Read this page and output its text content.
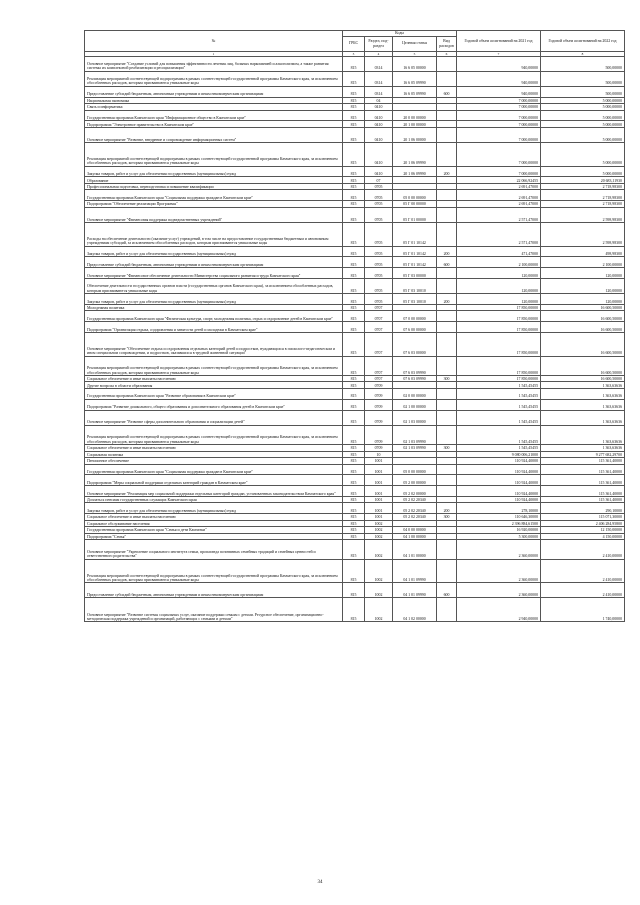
№	Коды				Годовой объем ассигнований на 2021 год	Годовой объем ассигнований на 2022 год
	ГРБС	Раздел, под-раздел	Целевая статья	Вид расходов		
1	3	4	5	6	7	8
Основное мероприятие "Создание условий для повышения эффективности лечения лиц, больных наркоманией и алкоголизмом, а также развития системы их комплексной реабилитации и ресоциализации"	815	0314	16 6 05 00000		940,00000	500,00000
Реализация мероприятий соответствующей подпрограммы в рамках соответствующей государственной программы Камчатского края, за исключением обособленных расходов, которым присваиваются уникальные коды	815	0314	16 6 05 09990		940,00000	500,00000
Предоставление субсидий бюджетным, автономным учреждениям и иным некоммерческим организациям	815	0314	16 6 05 09990	600	940,00000	500,00000
Национальная экономика	815	04			7 000,00000	5 000,00000
Связь и информатика	815	0410			7 000,00000	5 000,00000
Государственная программа Камчатского края "Информационное общество в Камчатском крае"	815	0410	20 0 00 00000		7 000,00000	5 000,00000
Подпрограмма "Электронное правительство в Камчатском крае"	815	0410	20 1 00 00000		7 000,00000	5 000,00000
Основное мероприятие "Развитие, внедрение и сопровождение информационных систем"	815	0410	20 1 06 00000		7 000,00000	5 000,00000
Реализация мероприятий соответствующей подпрограммы в рамках соответствующей государственной программы Камчатского края, за исключением обособленных расходов, которым присваиваются уникальные коды	815	0410	20 1 06 09990		7 000,00000	5 000,00000
Закупка товаров, работ и услуг для обеспечения государственных (муниципальных) нужд	815	0410	20 1 06 09990	200	7 000,00000	5 000,00000
Образование	815	07			22 066,92455	20 683,11930
Профессиональная подготовка, переподготовка и повышение квалификации	815	0705			2 691,47000	2 718,98300
Государственная программа Камчатского края "Социальная поддержка граждан в Камчатском крае"	815	0705	05 0 00 00000		2 691,47000	2 718,98300
Подпрограмма "Обеспечение реализации Программы"	815	0705	05 Г 00 00000		2 691,47000	2 718,98300
Основное мероприятие "Финансовая поддержка подведомственных учреждений"	815	0705	05 Г 01 00000		2 571,47000	2 598,98300
Расходы на обеспечение деятельности (оказание услуг) учреждений, в том числе на предоставление государственным бюджетным и автономным учреждениям субсидий, за исключением обособленных расходов, которым присваиваются уникальные коды	815	0705	05 Г 01 10142		2 571,47000	2 598,98300
Закупка товаров, работ и услуг для обеспечения государственных (муниципальных) нужд	815	0705	05 Г 01 10142	200	471,47000	498,98300
Предоставление субсидий бюджетным, автономным учреждениям и иным некоммерческим организациям	815	0705	05 Г 01 10142	600	2 100,00000	2 100,00000
Основное мероприятие "Финансовое обеспечение деятельности Министерства социального развития и труда Камчатского края"	815	0705	05 Г 03 00000		120,00000	120,00000
Обеспечение деятельности государственных органов власти (государственных органов Камчатского края), за исключением обособленных расходов, которым присваиваются уникальные коды	815	0705	05 Г 03 10010		120,00000	120,00000
Закупка товаров, работ и услуг для обеспечения государственных (муниципальных) нужд	815	0705	05 Г 03 10010	200	120,00000	120,00000
Молодежная политика	815	0707			17 850,00000	16 600,50000
Государственная программа Камчатского края "Физическая культура, спорт, молодежная политика, отдых и оздоровление детей в Камчатском крае"	815	0707	07 0 00 00000		17 850,00000	16 600,50000
Подпрограмма "Организация отдыха, оздоровления и занятости детей и молодежи в Камчатском крае"	815	0707	07 6 00 00000		17 850,00000	16 600,50000
Основное мероприятие "Обеспечение отдыха и оздоровления отдельных категорий детей и подростков, нуждающихся в психолого-педагогическом и ином специальном сопровождении, и подростков, оказавшихся в трудной жизненной ситуации"	815	0707	07 6 03 00000		17 850,00000	16 600,50000
Реализация мероприятий соответствующей подпрограммы в рамках соответствующей государственной программы Камчатского края, за исключением обособленных расходов, которым присваиваются уникальные коды	815	0707	07 6 03 09990		17 850,00000	16 600,50000
Социальное обеспечение и иные выплаты населению	815	0707	07 6 03 09990	300	17 850,00000	16 600,50000
Другие вопросы в области образования	815	0709			1 545,45455	1 363,63636
Государственная программа Камчатского края "Развитие образования в Камчатском крае"	815	0709	02 0 00 00000		1 545,45455	1 363,63636
Подпрограмма "Развитие дошкольного, общего образования и дополнительного образования детей в Камчатском крае"	815	0709	02 1 00 00000		1 545,45455	1 363,63636
Основное мероприятие "Развитие сферы дополнительного образования и социализации детей"	815	0709	02 1 03 00000		1 545,45455	1 363,63636
Реализация мероприятий соответствующей подпрограммы в рамках соответствующей государственной программы Камчатского края, за исключением обособленных расходов, которым присваиваются уникальные коды	815	0709	02 1 03 09990		1 545,45455	1 363,63636
Социальное обеспечение и иные выплаты населению	815	0709	02 1 03 09990	300	1 545,45455	1 363,63636
Социальная политика	815	10			9 080 006,21000	9 277 682,29700
Пенсионное обеспечение	815	1001			110 924,40000	115 361,40000
Государственная программа Камчатского края "Социальная поддержка граждан в Камчатском крае"	815	1001	05 0 00 00000		110 924,40000	115 361,40000
Подпрограмма "Меры социальной поддержки отдельных категорий граждан в Камчатском крае"	815	1001	05 2 00 00000		110 924,40000	115 361,40000
Основное мероприятие "Реализация мер социальной поддержки отдельных категорий граждан, установленных законодательством Камчатского края"	815	1001	05 2 02 00000		110 924,40000	115 361,40000
Доплаты к пенсиям государственных служащих Камчатского края	815	1001	05 2 02 20340		110 924,40000	115 361,40000
Закупка товаров, работ и услуг для обеспечения государственных (муниципальных) нужд	815	1001	05 2 02 20340	200	278,10000	290,10000
Социальное обеспечение и иные выплаты населению	815	1001	05 2 02 20340	300	110 646,30000	115 071,30000
Социальное обслуживание населения	815	1002			2 396 884,61500	2 406 284,95800
Государственная программа Камчатского края "Семья и дети Камчатки"	815	1002	04 0 00 00000		16 920,00000	12 150,00000
Подпрограмма "Семья"	815	1002	04 1 00 00000		5 300,00000	4 150,00000
Основное мероприятие "Укрепление социального института семьи, пропаганда позитивных семейных традиций и семейных ценностей и ответственного родительства"	815	1002	04 1 01 00000		2 360,00000	2 410,00000
Реализация мероприятий соответствующей подпрограммы в рамках соответствующей государственной программы Камчатского края, за исключением обособленных расходов, которым присваиваются уникальные коды	815	1002	04 1 01 09990		2 360,00000	2 410,00000
Предоставление субсидий бюджетным, автономным учреждениям и иным некоммерческим организациям	815	1002	04 1 01 09990	600	2 360,00000	2 410,00000
Основное мероприятие "Развитие системы социальных услуг, оказание поддержки семьям с детьми. Ресурсное обеспечение, организационно-методическая поддержка учреждений и организаций, работающих с семьями и детьми"	815	1002	04 1 02 00000		2 940,00000	1 740,00000
34
